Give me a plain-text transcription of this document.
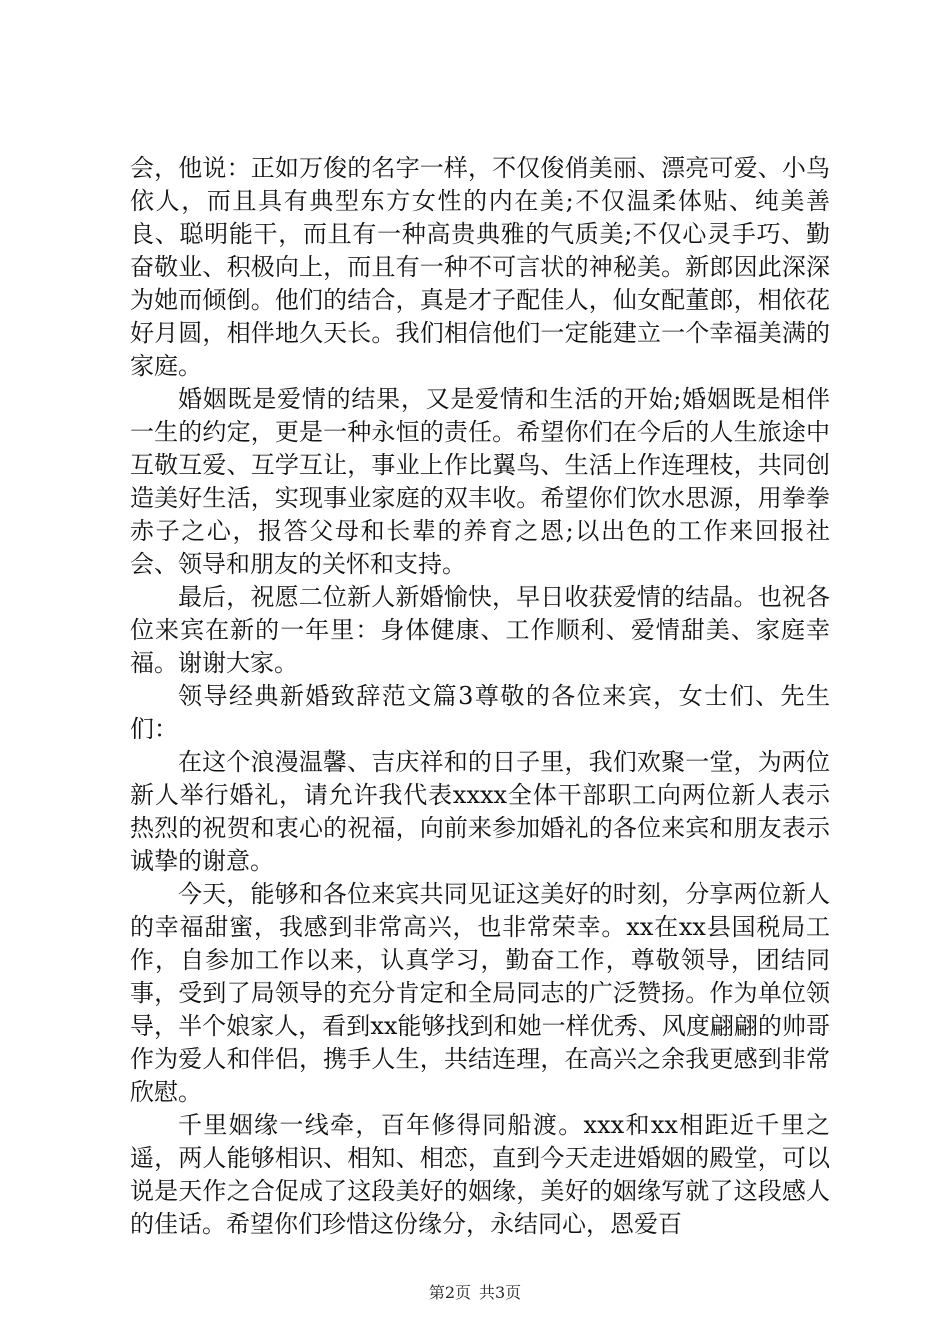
会，他说：正如万俊的名字一样，不仅俊俏美丽、漂亮可爱、小鸟依人，而且具有典型东方女性的内在美;不仅温柔体贴、纯美善良、聪明能干，而且有一种高贵典雅的气质美;不仅心灵手巧、勤奋敬业、积极向上，而且有一种不可言状的神秘美。新郎因此深深为她而倾倒。他们的结合，真是才子配佳人，仙女配董郎，相依花好月圆，相伴地久天长。我们相信他们一定能建立一个幸福美满的家庭。

婚姻既是爱情的结果，又是爱情和生活的开始;婚姻既是相伴一生的约定，更是一种永恒的责任。希望你们在今后的人生旅途中互敬互爱、互学互让，事业上作比翼鸟、生活上作连理枝，共同创造美好生活，实现事业家庭的双丰收。希望你们饮水思源，用拳拳赤子之心，报答父母和长辈的养育之恩;以出色的工作来回报社会、领导和朋友的关怀和支持。

最后，祝愿二位新人新婚愉快，早日收获爱情的结晶。也祝各位来宾在新的一年里：身体健康、工作顺利、爱情甜美、家庭幸福。谢谢大家。

领导经典新婚致辞范文篇3尊敬的各位来宾，女士们、先生们：

在这个浪漫温馨、吉庆祥和的日子里，我们欢聚一堂，为两位新人举行婚礼，请允许我代表xxxx全体干部职工向两位新人表示热烈的祝贺和衷心的祝福，向前来参加婚礼的各位来宾和朋友表示诚挚的谢意。

今天，能够和各位来宾共同见证这美好的时刻，分享两位新人的幸福甜蜜，我感到非常高兴，也非常荣幸。xx在xx县国税局工作，自参加工作以来，认真学习，勤奋工作，尊敬领导，团结同事，受到了局领导的充分肯定和全局同志的广泛赞扬。作为单位领导，半个娘家人，看到xx能够找到和她一样优秀、风度翩翩的帅哥作为爱人和伴侣，携手人生，共结连理，在高兴之余我更感到非常欣慰。

千里姻缘一线牵，百年修得同船渡。xxx和xx相距近千里之遥，两人能够相识、相知、相恋，直到今天走进婚姻的殿堂，可以说是天作之合促成了这段美好的姻缘，美好的姻缘写就了这段感人的佳话。希望你们珍惜这份缘分，永结同心，恩爱百

第2页 共3页
